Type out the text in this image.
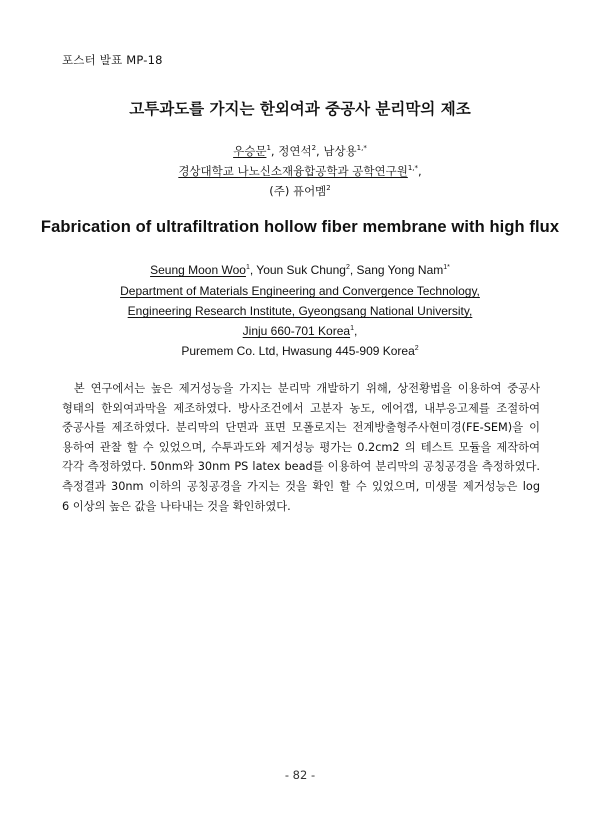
포스터 발표 MP-18
고투과도를 가지는 한외여과 중공사 분리막의 제조
우승문$^1$, 정연석$^2$, 남상용$^{1,*}$
경상대학교 나노신소재융합공학과 공학연구원$^{1,*}$,
(주) 퓨어멤$^2$
Fabrication of ultrafiltration hollow fiber membrane with high flux
Seung Moon Woo$^1$, Youn Suk Chung$^2$, Sang Yong Nam$^{1*}$
Department of Materials Engineering and Convergence Technology,
Engineering Research Institute, Gyeongsang National University,
Jinju 660-701 Korea$^1$,
Puremem Co. Ltd, Hwasung 445-909 Korea$^2$
본 연구에서는 높은 제거성능을 가지는 분리막 개발하기 위해, 상전황법을 이용하여 중공사
형태의 한외여과막을 제조하였다. 방사조건에서 고분자 농도, 에어갭, 내부응고제를 조절하여
중공사를 제조하였다. 분리막의 단면과 표면 모폴로지는 전계방출형주사현미경(FE-SEM)을 이
용하여 관찰 할 수 있었으며, 수투과도와 제거성능 평가는 0.2cm2 의 테스트 모듈을 제작하여
각각 측정하였다. 50nm와 30nm PS latex bead를 이용하여 분리막의 공칭공경을 측정하였다.
측정결과 30nm 이하의 공칭공경을 가지는 것을 확인 할 수 있었으며, 미생물 제거성능은 log
6 이상의 높은 값을 나타내는 것을 확인하였다.
- 82 -
